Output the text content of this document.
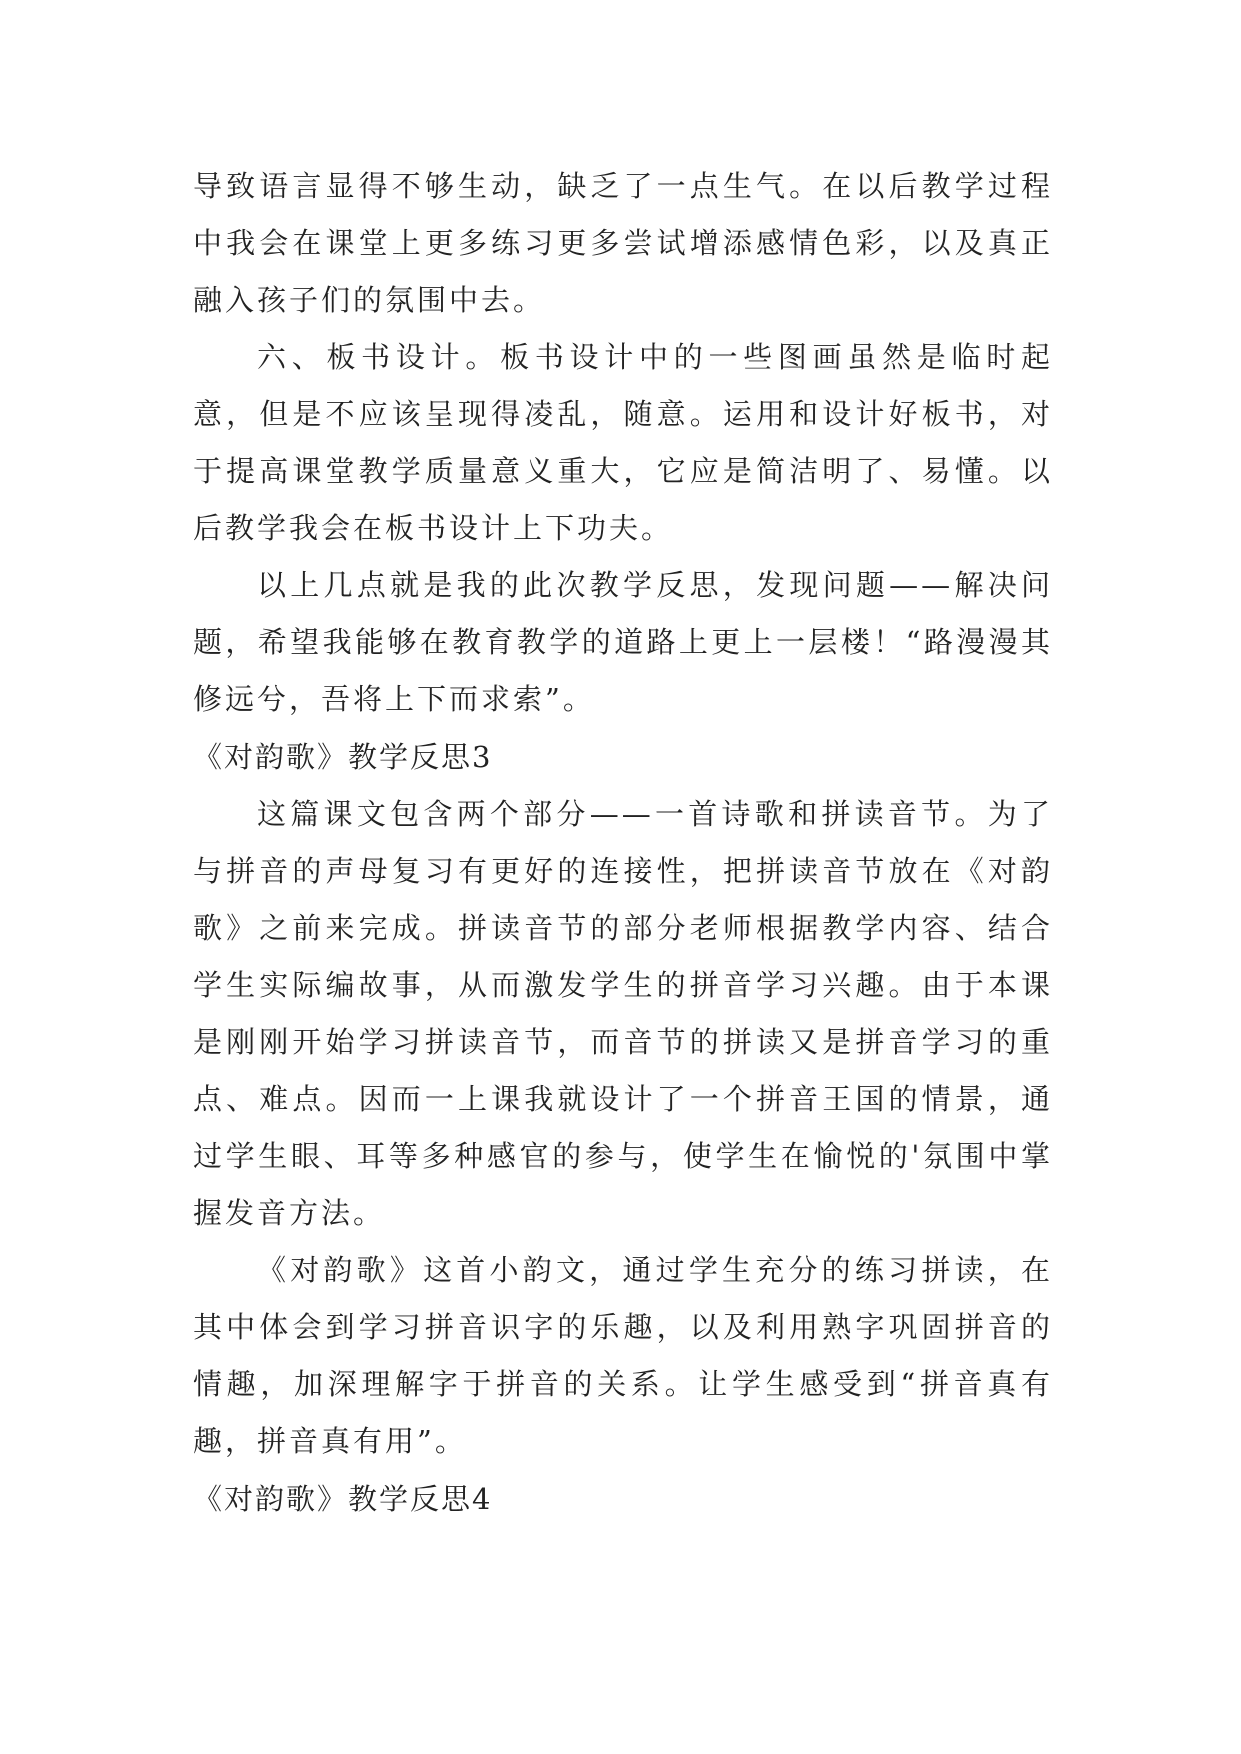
导致语言显得不够生动，缺乏了一点生气。在以后教学过程中我会在课堂上更多练习更多尝试增添感情色彩，以及真正融入孩子们的氛围中去。

六、板书设计。板书设计中的一些图画虽然是临时起意，但是不应该呈现得凌乱，随意。运用和设计好板书，对于提高课堂教学质量意义重大，它应是简洁明了、易懂。以后教学我会在板书设计上下功夫。

以上几点就是我的此次教学反思，发现问题——解决问题，希望我能够在教育教学的道路上更上一层楼！“路漫漫其修远兮，吾将上下而求索”。

《对韵歌》教学反思3

这篇课文包含两个部分——一首诗歌和拼读音节。为了与拼音的声母复习有更好的连接性，把拼读音节放在《对韵歌》之前来完成。拼读音节的部分老师根据教学内容、结合学生实际编故事，从而激发学生的拼音学习兴趣。由于本课是刚刚开始学习拼读音节，而音节的拼读又是拼音学习的重点、难点。因而一上课我就设计了一个拼音王国的情景，通过学生眼、耳等多种感官的参与，使学生在愉悦的'氛围中掌握发音方法。

《对韵歌》这首小韵文，通过学生充分的练习拼读，在其中体会到学习拼音识字的乐趣，以及利用熟字巩固拼音的情趣，加深理解字于拼音的关系。让学生感受到“拼音真有趣，拼音真有用”。

《对韵歌》教学反思4
